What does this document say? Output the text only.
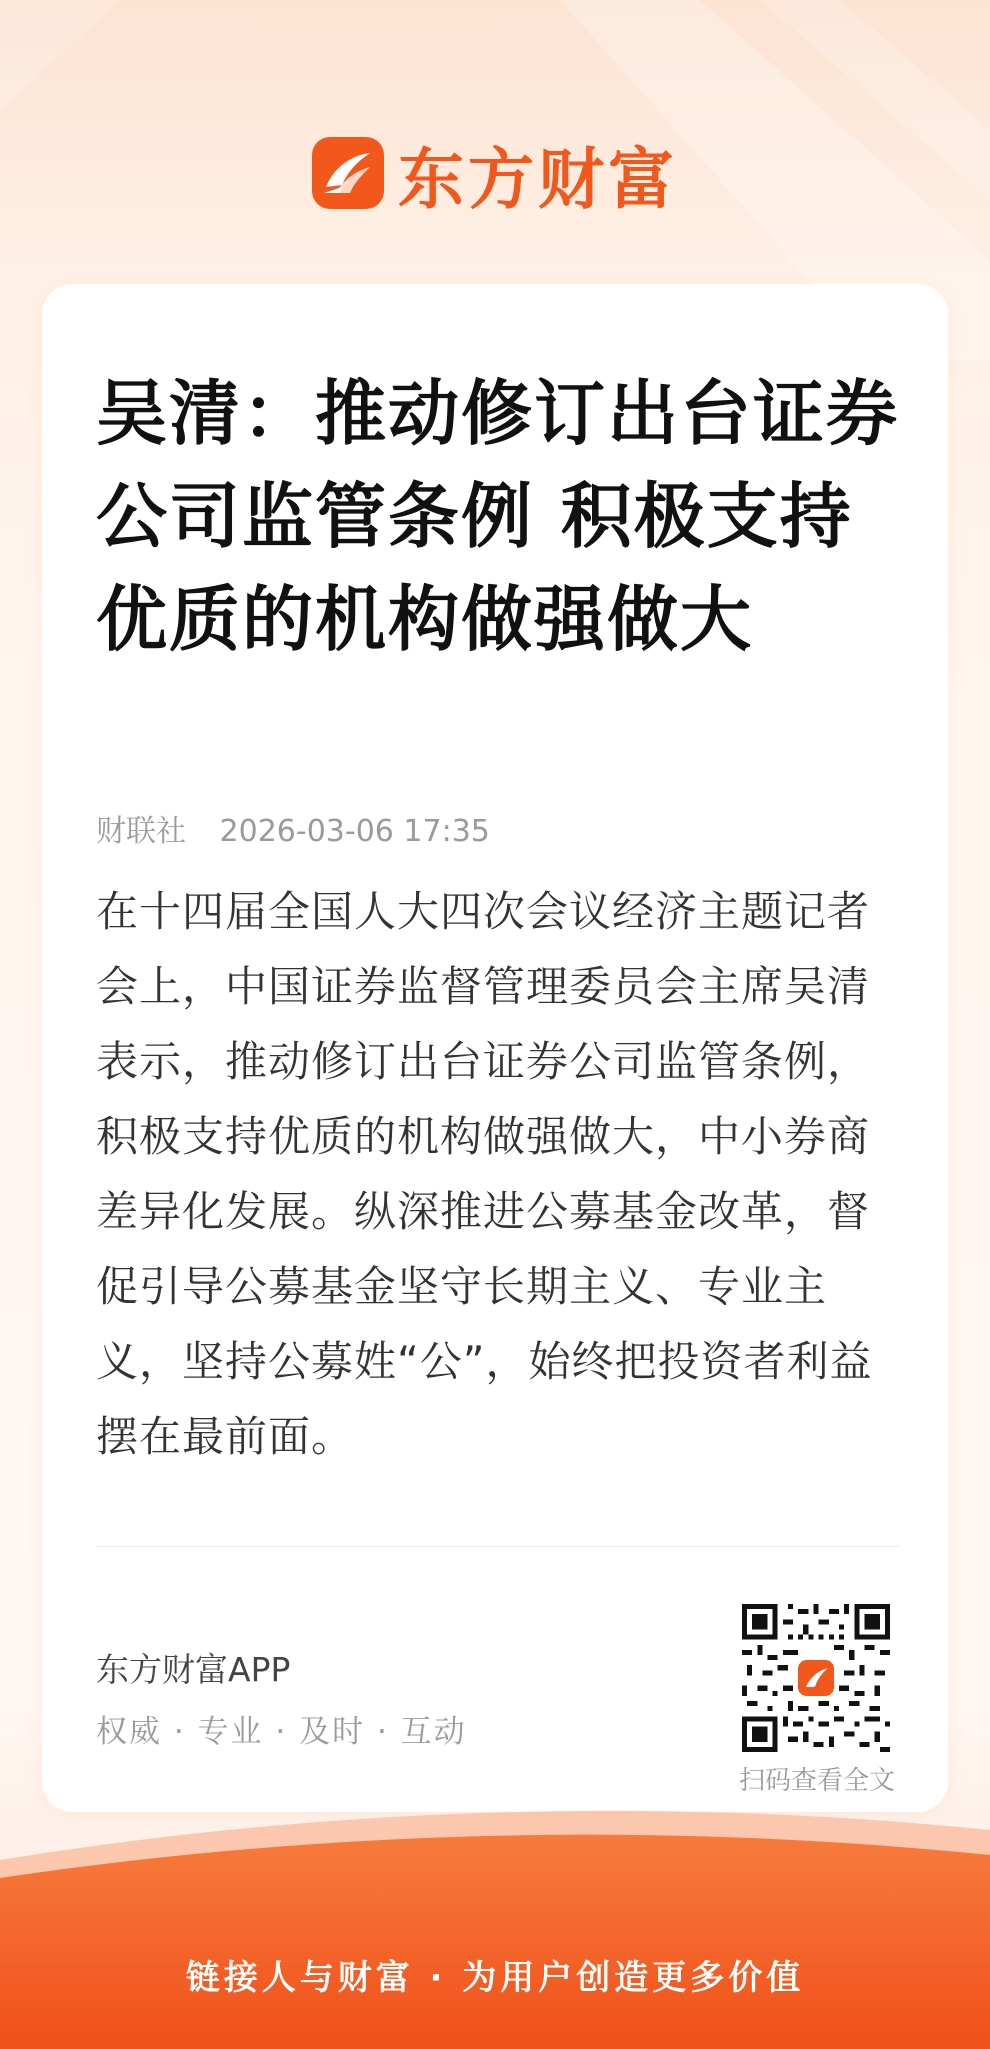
东方财富
吴清：推动修订出台证券公司监管条例 积极支持优质的机构做强做大
财联社 2026-03-06 17:35

在十四届全国人大四次会议经济主题记者会上，中国证券监督管理委员会主席吴清表示，推动修订出台证券公司监管条例，积极支持优质的机构做强做大，中小券商差异化发展。纵深推进公募基金改革，督促引导公募基金坚守长期主义、专业主义，坚持公募姓“公”，始终把投资者利益摆在最前面。

东方财富APP
权威 · 专业 · 及时 · 互动
扫码查看全文
链接人与财富 · 为用户创造更多价值
